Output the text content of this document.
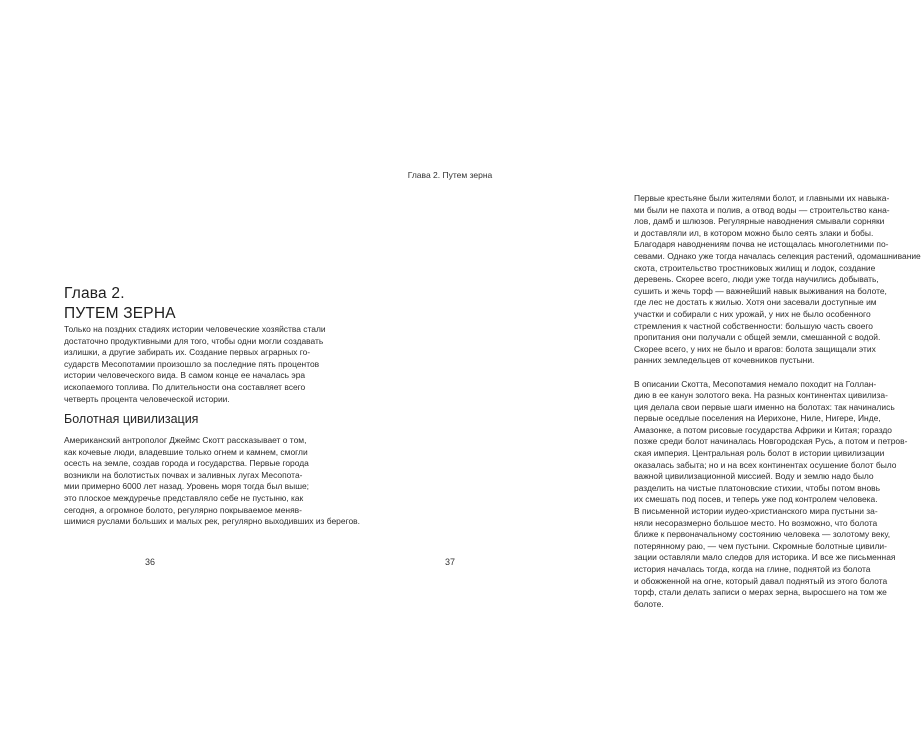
Глава 2.
ПУТЕМ ЗЕРНА

Только на поздних стадиях истории человеческие хозяйства стали
достаточно продуктивными для того, чтобы одни могли создавать
излишки, а другие забирать их. Создание первых аграрных го-
сударств Месопотамии произошло за последние пять процентов
истории человеческого вида. В самом конце ее началась эра
ископаемого топлива. По длительности она составляет всего
четверть процента человеческой истории.

Болотная цивилизация

Американский антрополог Джеймс Скотт рассказывает о том,
как кочевые люди, владевшие только огнем и камнем, смогли
осесть на земле, создав города и государства. Первые города
возникли на болотистых почвах и заливных лугах Месопота-
мии примерно 6000 лет назад. Уровень моря тогда был выше;
это плоское междуречье представляло себе не пустыню, как
сегодня, а огромное болото, регулярно покрываемое меняв-
шимися руслами больших и малых рек, регулярно выходивших из берегов.

36
Глава 2. Путем зерна

Первые крестьяне были жителями болот, и главными их навыка-
ми были не пахота и полив, а отвод воды — строительство кана-
лов, дамб и шлюзов. Регулярные наводнения смывали сорняки
и доставляли ил, в котором можно было сеять злаки и бобы.
Благодаря наводнениям почва не истощалась многолетними по-
севами. Однако уже тогда началась селекция растений, одомашнивание
скота, строительство тростниковых жилищ и лодок, создание
деревень. Скорее всего, люди уже тогда научились добывать,
сушить и жечь торф — важнейший навык выживания на болоте,
где лес не достать к жилью. Хотя они засевали доступные им
участки и собирали с них урожай, у них не было особенного
стремления к частной собственности: большую часть своего
пропитания они получали с общей земли, смешанной с водой.
Скорее всего, у них не было и врагов: болота защищали этих
ранних земледельцев от кочевников пустыни.

В описании Скотта, Месопотамия немало походит на Голлан-
дию в ее канун золотого века. На разных континентах цивилиза-
ция делала свои первые шаги именно на болотах: так начинались
первые оседлые поселения на Иерихоне, Ниле, Нигере, Инде,
Амазонке, а потом рисовые государства Африки и Китая; гораздо
позже среди болот начиналась Новгородская Русь, а потом и петров-
ская империя. Центральная роль болот в истории цивилизации
оказалась забыта; но и на всех континентах осушение болот было
важной цивилизационной миссией. Воду и землю надо было
разделить на чистые платоновские стихии, чтобы потом вновь
их смешать под посев, и теперь уже под контролем человека.
В письменной истории иудео-христианского мира пустыни за-
няли несоразмерно большое место. Но возможно, что болота
ближе к первоначальному состоянию человека — золотому веку,
потерянному раю, — чем пустыни. Скромные болотные цивили-
зации оставляли мало следов для историка. И все же письменная
история началась тогда, когда на глине, поднятой из болота
и обожженной на огне, который давал поднятый из этого болота
торф, стали делать записи о мерах зерна, выросшего на том же
болоте.

37
